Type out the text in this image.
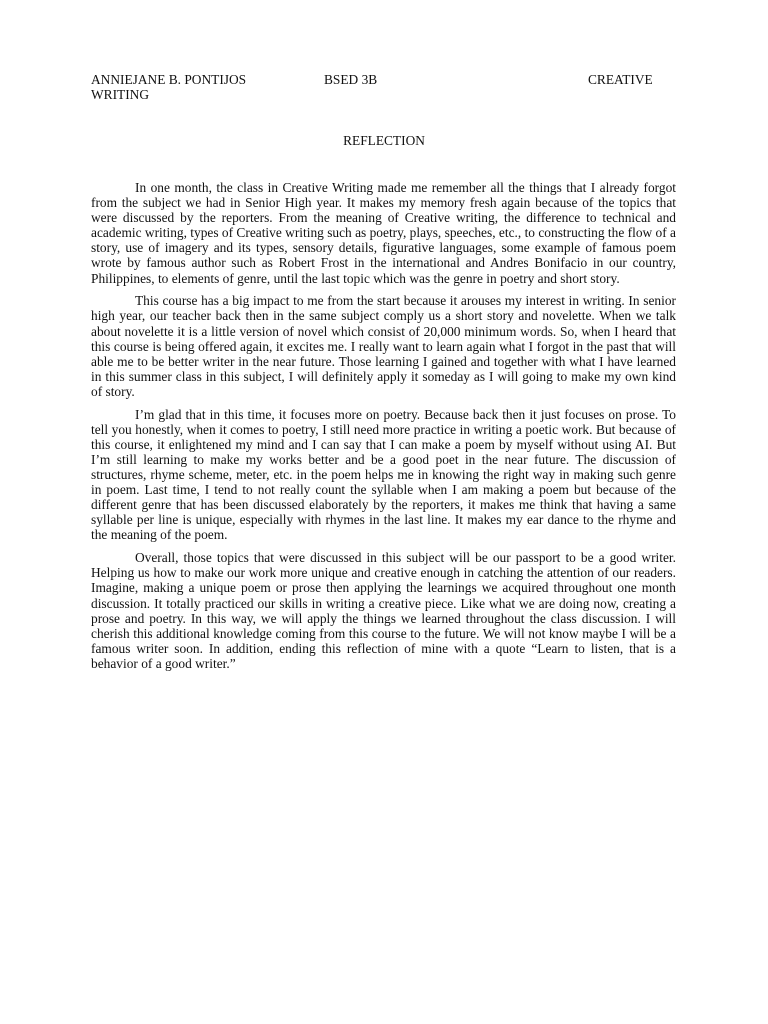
ANNIEJANE B. PONTIJOS	BSED 3B	CREATIVE WRITING
REFLECTION

In one month, the class in Creative Writing made me remember all the things that I already forgot from the subject we had in Senior High year. It makes my memory fresh again because of the topics that were discussed by the reporters. From the meaning of Creative writing, the difference to technical and academic writing, types of Creative writing such as poetry, plays, speeches, etc., to constructing the flow of a story, use of imagery and its types, sensory details, figurative languages, some example of famous poem wrote by famous author such as Robert Frost in the international and Andres Bonifacio in our country, Philippines, to elements of genre, until the last topic which was the genre in poetry and short story.

This course has a big impact to me from the start because it arouses my interest in writing. In senior high year, our teacher back then in the same subject comply us a short story and novelette. When we talk about novelette it is a little version of novel which consist of 20,000 minimum words. So, when I heard that this course is being offered again, it excites me. I really want to learn again what I forgot in the past that will able me to be better writer in the near future. Those learning I gained and together with what I have learned in this summer class in this subject, I will definitely apply it someday as I will going to make my own kind of story.

I’m glad that in this time, it focuses more on poetry. Because back then it just focuses on prose. To tell you honestly, when it comes to poetry, I still need more practice in writing a poetic work. But because of this course, it enlightened my mind and I can say that I can make a poem by myself without using AI. But I’m still learning to make my works better and be a good poet in the near future. The discussion of structures, rhyme scheme, meter, etc. in the poem helps me in knowing the right way in making such genre in poem. Last time, I tend to not really count the syllable when I am making a poem but because of the different genre that has been discussed elaborately by the reporters, it makes me think that having a same syllable per line is unique, especially with rhymes in the last line. It makes my ear dance to the rhyme and the meaning of the poem.

Overall, those topics that were discussed in this subject will be our passport to be a good writer. Helping us how to make our work more unique and creative enough in catching the attention of our readers. Imagine, making a unique poem or prose then applying the learnings we acquired throughout one month discussion. It totally practiced our skills in writing a creative piece. Like what we are doing now, creating a prose and poetry. In this way, we will apply the things we learned throughout the class discussion. I will cherish this additional knowledge coming from this course to the future. We will not know maybe I will be a famous writer soon. In addition, ending this reflection of mine with a quote “Learn to listen, that is a behavior of a good writer.”
